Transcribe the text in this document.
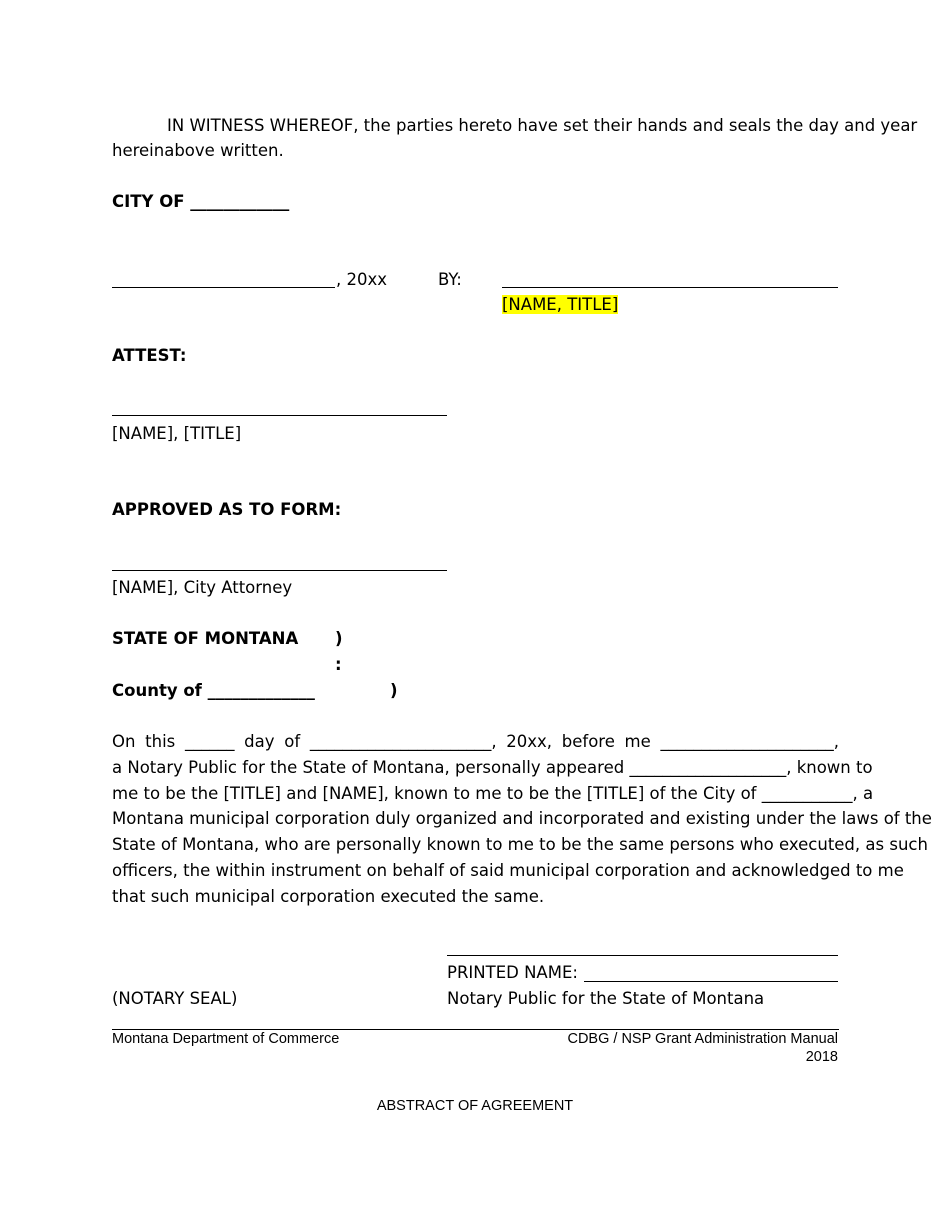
IN WITNESS WHEREOF, the parties hereto have set their hands and seals the day and year
hereinabove written.
CITY OF ____________
, 20xx	BY:
[NAME, TITLE]
ATTEST:
[NAME], [TITLE]
APPROVED AS TO FORM:
[NAME], City Attorney
STATE OF MONTANA )
:
County of _____________	)
On this ______ day of ______________________, 20xx, before me _____________________,
a Notary Public for the State of Montana, personally appeared ___________________, known to
me to be the [TITLE] and [NAME], known to me to be the [TITLE] of the City of ___________, a
Montana municipal corporation duly organized and incorporated and existing under the laws of the
State of Montana, who are personally known to me to be the same persons who executed, as such
officers, the within instrument on behalf of said municipal corporation and acknowledged to me
that such municipal corporation executed the same.
PRINTED NAME:
(NOTARY SEAL)	Notary Public for the State of Montana
Montana Department of Commerce	CDBG / NSP Grant Administration Manual
2018
ABSTRACT OF AGREEMENT
